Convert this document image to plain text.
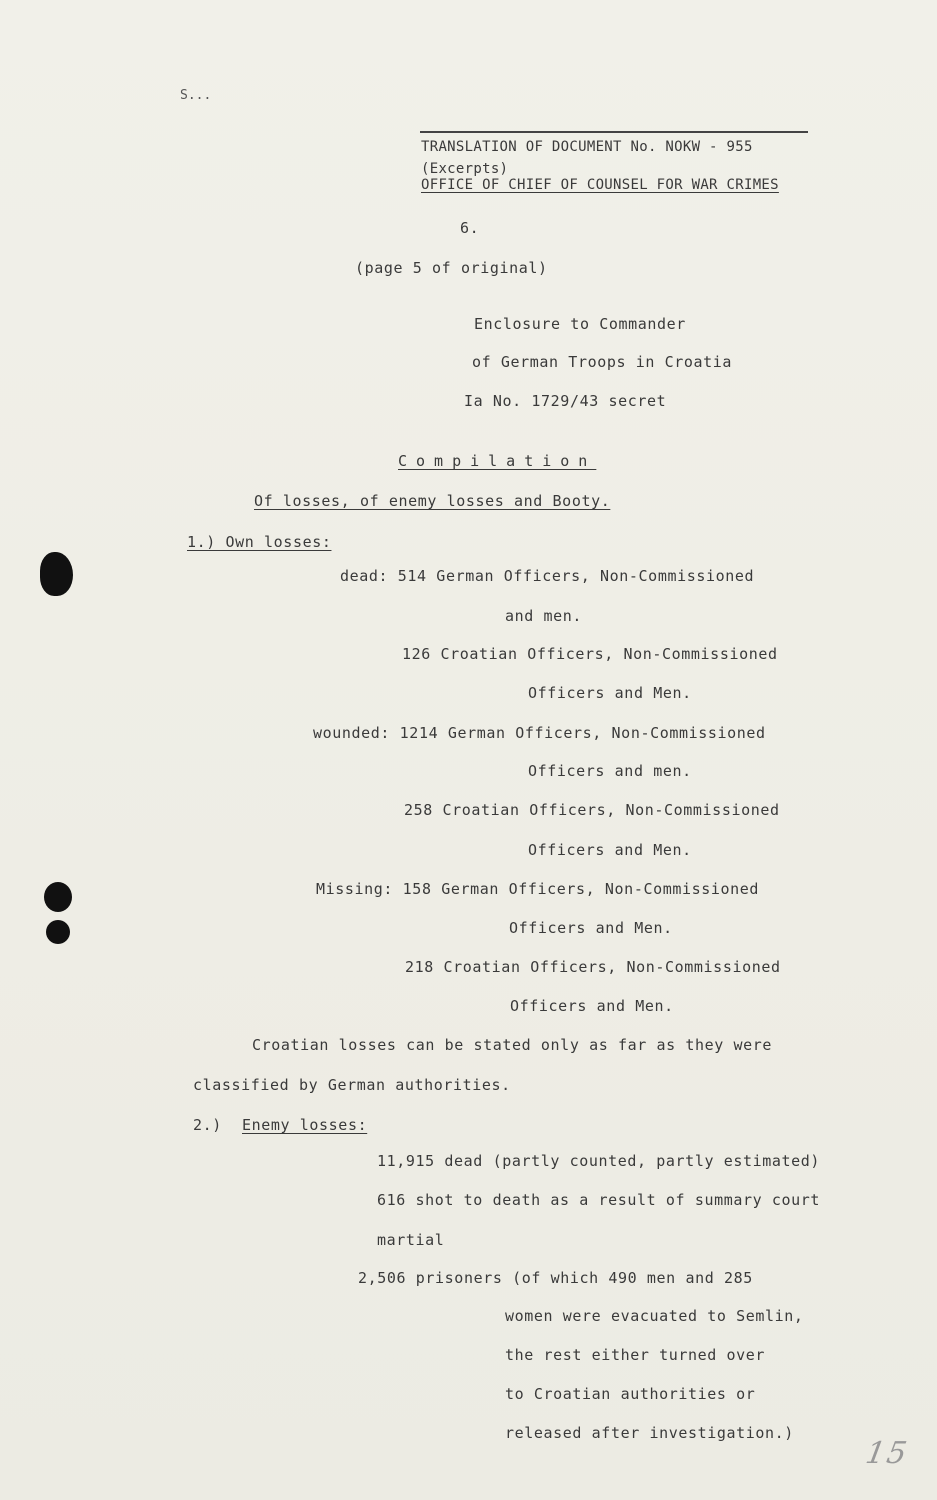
S...
TRANSLATION OF DOCUMENT No. NOKW - 955
(Excerpts)
OFFICE OF CHIEF OF COUNSEL FOR WAR CRIMES
6.
(page 5 of original)
Enclosure to Commander
of German Troops in Croatia
Ia No. 1729/43 secret
Compilation
Of losses, of enemy losses and Booty.
1.) Own losses:
dead: 514 German Officers, Non-Commissioned
and men.
126 Croatian Officers, Non-Commissioned
Officers and Men.
wounded: 1214 German Officers, Non-Commissioned
Officers and men.
258 Croatian Officers, Non-Commissioned
Officers and Men.
Missing: 158 German Officers, Non-Commissioned
Officers and Men.
218 Croatian Officers, Non-Commissioned
Officers and Men.
Croatian losses can be stated only as far as they were
classified by German authorities.
2.) Enemy losses:
11,915 dead (partly counted, partly estimated)
616 shot to death as a result of summary court
martial
2,506 prisoners (of which 490 men and 285
women were evacuated to Semlin,
the rest either turned over
to Croatian authorities or
released after investigation.)
15
